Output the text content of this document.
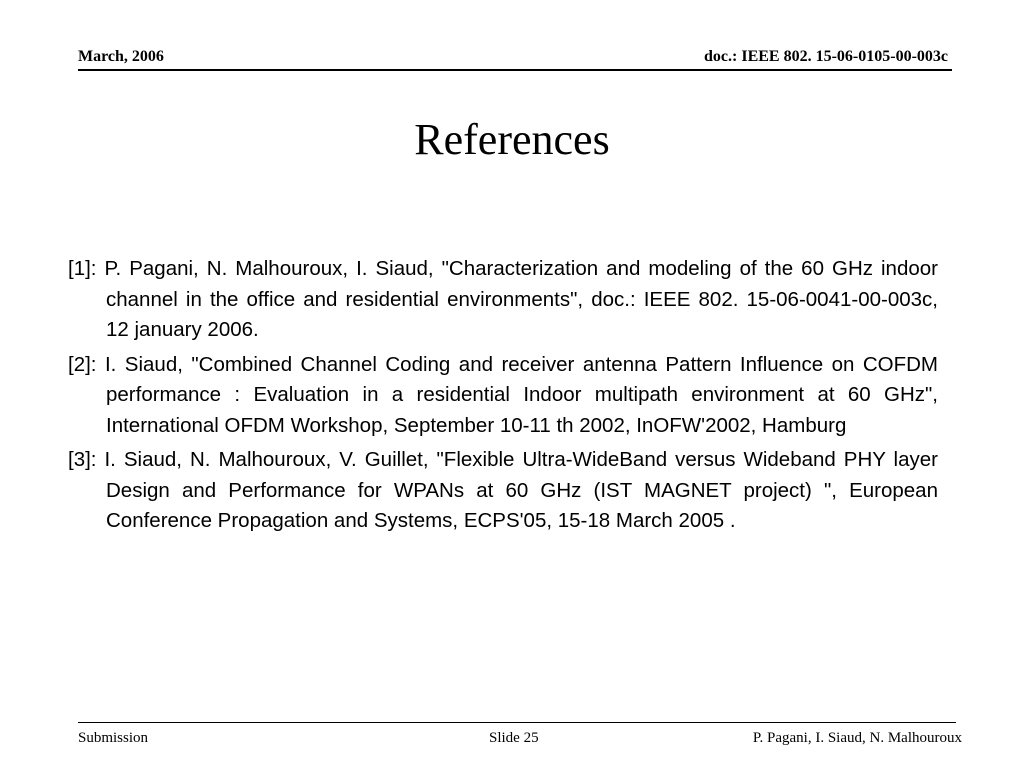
March, 2006	doc.: IEEE 802. 15-06-0105-00-003c
References
[1]: P. Pagani, N. Malhouroux, I. Siaud, "Characterization and modeling of the 60 GHz indoor channel in the office and residential environments", doc.: IEEE 802. 15-06-0041-00-003c, 12 january 2006.
[2]: I. Siaud, "Combined Channel Coding and receiver antenna Pattern Influence on COFDM performance : Evaluation in a residential Indoor multipath environment at 60 GHz", International OFDM Workshop, September 10-11 th 2002, InOFW'2002, Hamburg
[3]: I. Siaud, N. Malhouroux, V. Guillet, "Flexible Ultra-WideBand versus Wideband PHY layer Design and Performance for WPANs at 60 GHz (IST MAGNET project) ", European Conference Propagation and Systems, ECPS'05, 15-18 March 2005 .
Submission	Slide 25	P. Pagani, I. Siaud, N. Malhouroux
